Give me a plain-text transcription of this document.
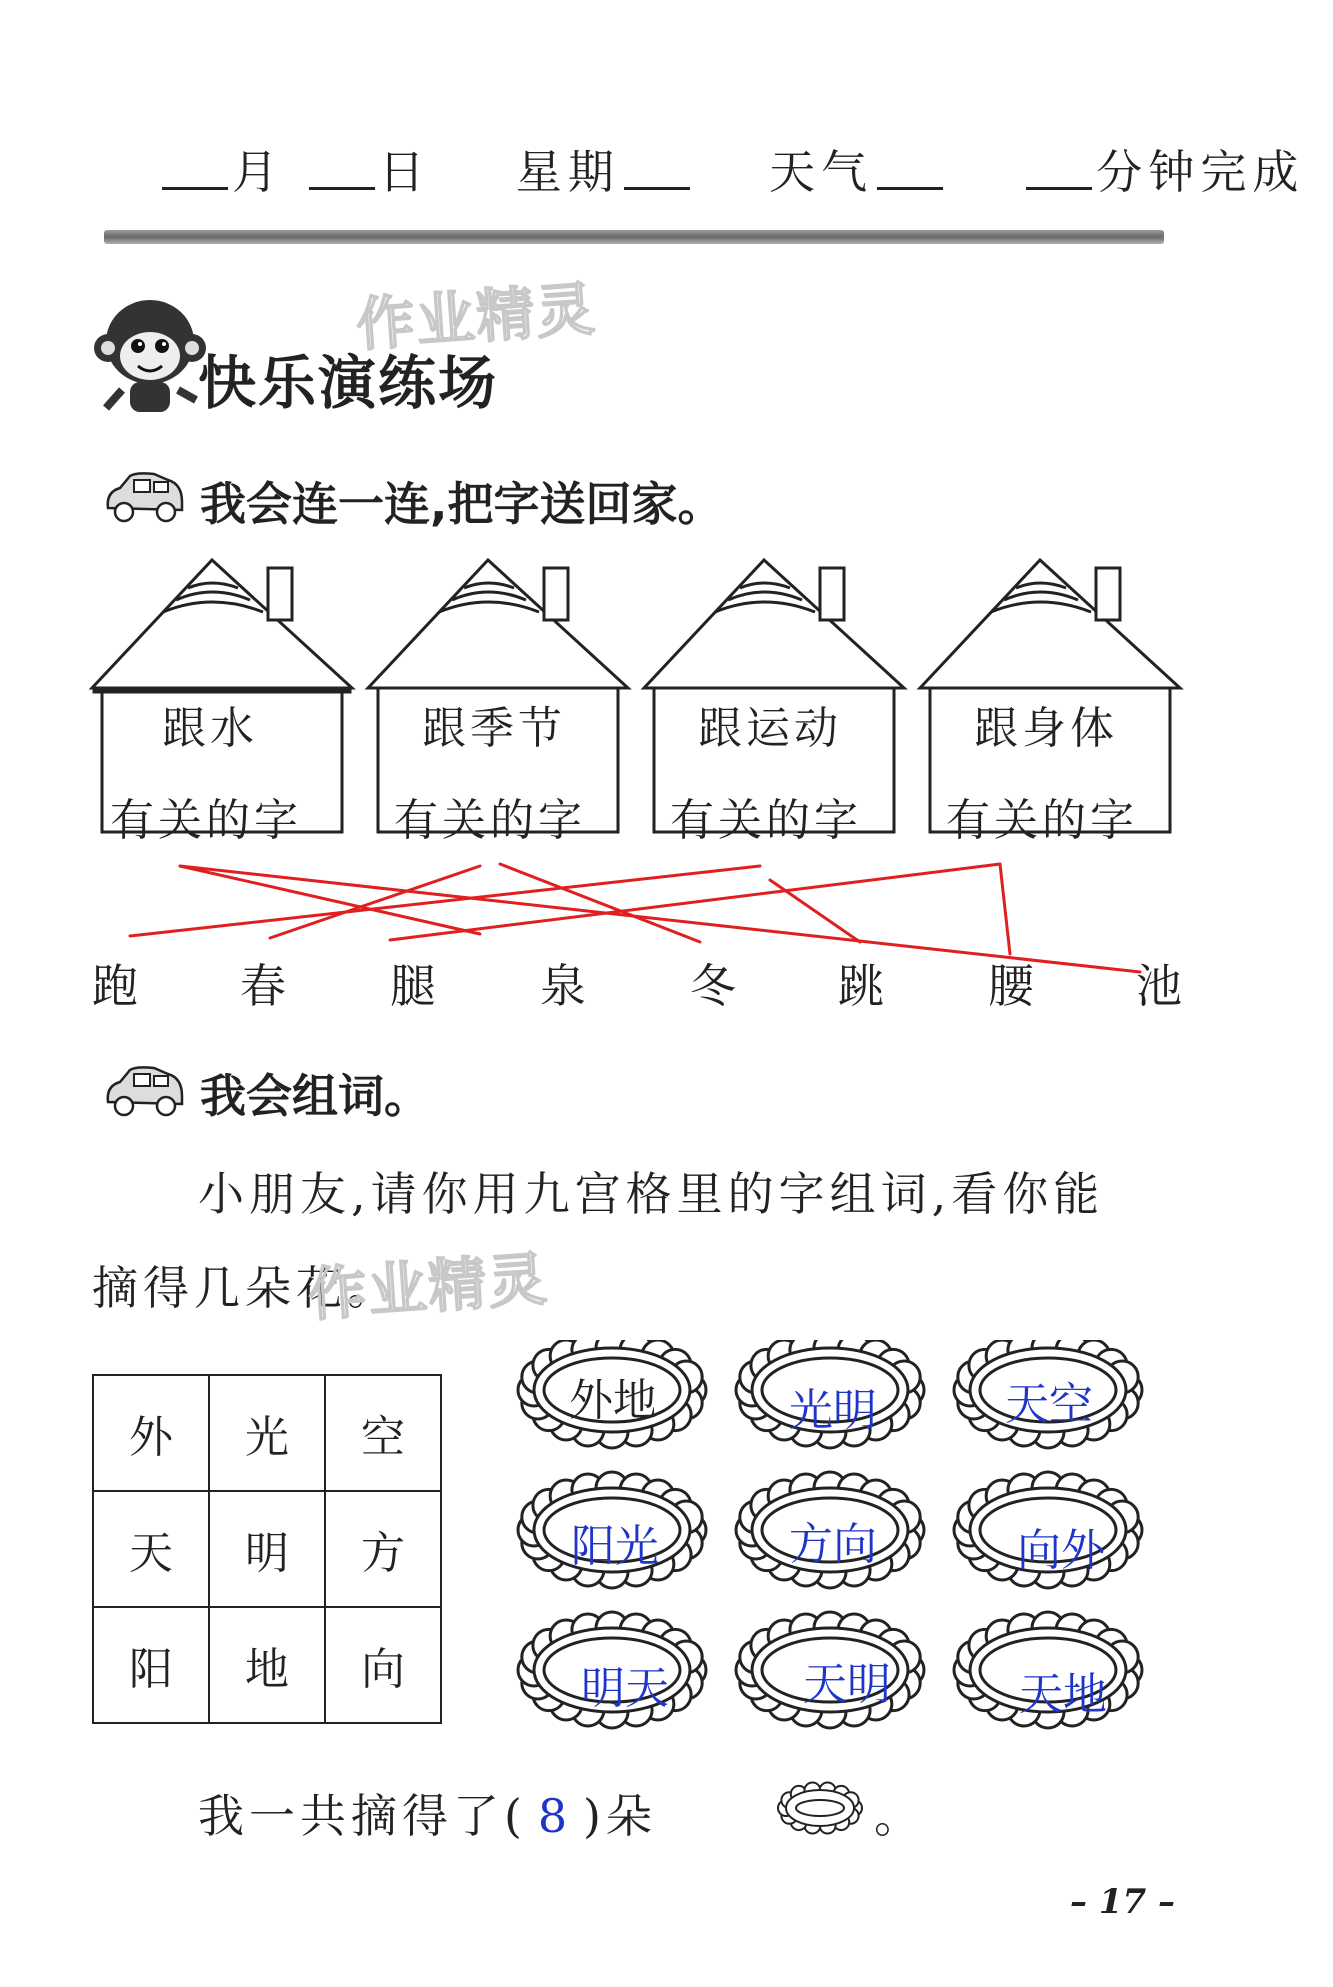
月 日 星期	天气	分钟完成
快乐演练场
作业精灵
我会连一连,把字送回家。
跟水
有关的字
跟季节
有关的字
跟运动
有关的字
跟身体
有关的字
跑 春 腿 泉 冬 跳 腰 池
我会组词。
小朋友,请你用九宫格里的字组词,看你能
摘得几朵花。
作业精灵
外	光	空
天	明	方
阳	地	向
外地	光明	天空
阳光	方向	向外
明天	天明	天地
我一共摘得了( 8 )朵	。
– 17 –
